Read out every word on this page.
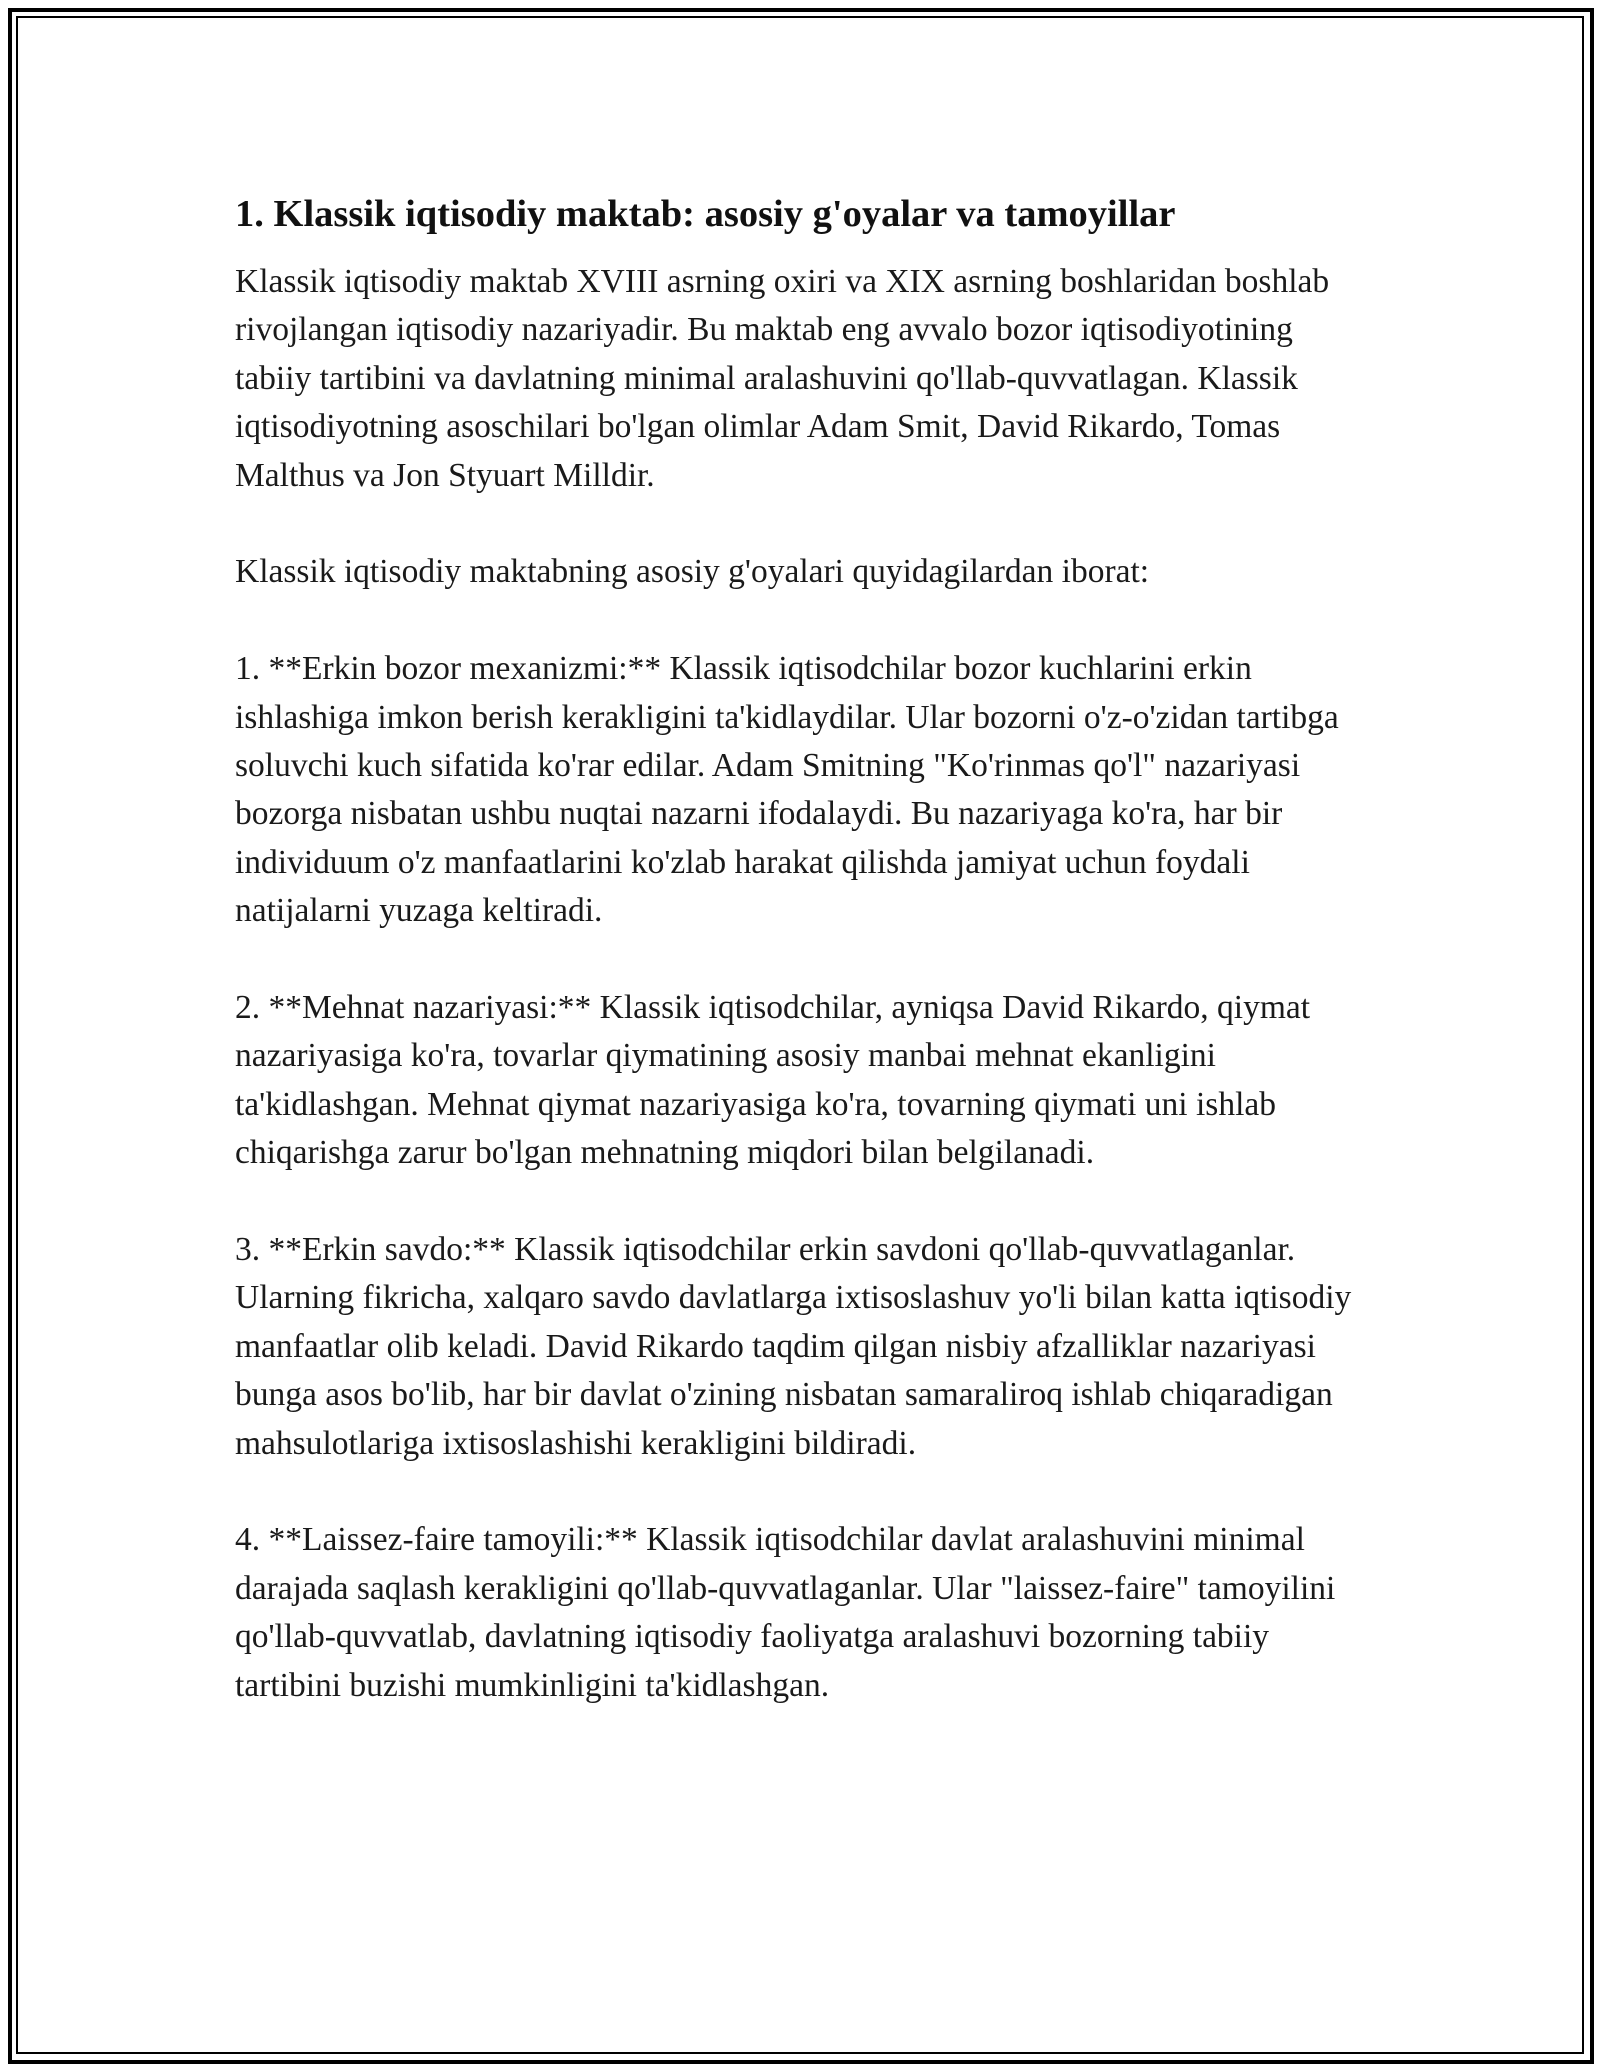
1. Klassik iqtisodiy maktab: asosiy g'oyalar va tamoyillar

Klassik iqtisodiy maktab XVIII asrning oxiri va XIX asrning boshlaridan boshlab rivojlangan iqtisodiy nazariyadir. Bu maktab eng avvalo bozor iqtisodiyotining tabiiy tartibini va davlatning minimal aralashuvini qo'llab-quvvatlagan. Klassik iqtisodiyotning asoschilari bo'lgan olimlar Adam Smit, David Rikardo, Tomas Malthus va Jon Styuart Milldir.

Klassik iqtisodiy maktabning asosiy g'oyalari quyidagilardan iborat:

1. **Erkin bozor mexanizmi:** Klassik iqtisodchilar bozor kuchlarini erkin ishlashiga imkon berish kerakligini ta'kidlaydilar. Ular bozorni o'z-o'zidan tartibga soluvchi kuch sifatida ko'rar edilar. Adam Smitning "Ko'rinmas qo'l" nazariyasi bozorga nisbatan ushbu nuqtai nazarni ifodalaydi. Bu nazariyaga ko'ra, har bir individuum o'z manfaatlarini ko'zlab harakat qilishda jamiyat uchun foydali natijalarni yuzaga keltiradi.

2. **Mehnat nazariyasi:** Klassik iqtisodchilar, ayniqsa David Rikardo, qiymat nazariyasiga ko'ra, tovarlar qiymatining asosiy manbai mehnat ekanligini ta'kidlashgan. Mehnat qiymat nazariyasiga ko'ra, tovarning qiymati uni ishlab chiqarishga zarur bo'lgan mehnatning miqdori bilan belgilanadi.

3. **Erkin savdo:** Klassik iqtisodchilar erkin savdoni qo'llab-quvvatlaganlar. Ularning fikricha, xalqaro savdo davlatlarga ixtisoslashuv yo'li bilan katta iqtisodiy manfaatlar olib keladi. David Rikardo taqdim qilgan nisbiy afzalliklar nazariyasi bunga asos bo'lib, har bir davlat o'zining nisbatan samaraliroq ishlab chiqaradigan mahsulotlariga ixtisoslashishi kerakligini bildiradi.

4. **Laissez-faire tamoyili:** Klassik iqtisodchilar davlat aralashuvini minimal darajada saqlash kerakligini qo'llab-quvvatlaganlar. Ular "laissez-faire" tamoyilini qo'llab-quvvatlab, davlatning iqtisodiy faoliyatga aralashuvi bozorning tabiiy tartibini buzishi mumkinligini ta'kidlashgan.
